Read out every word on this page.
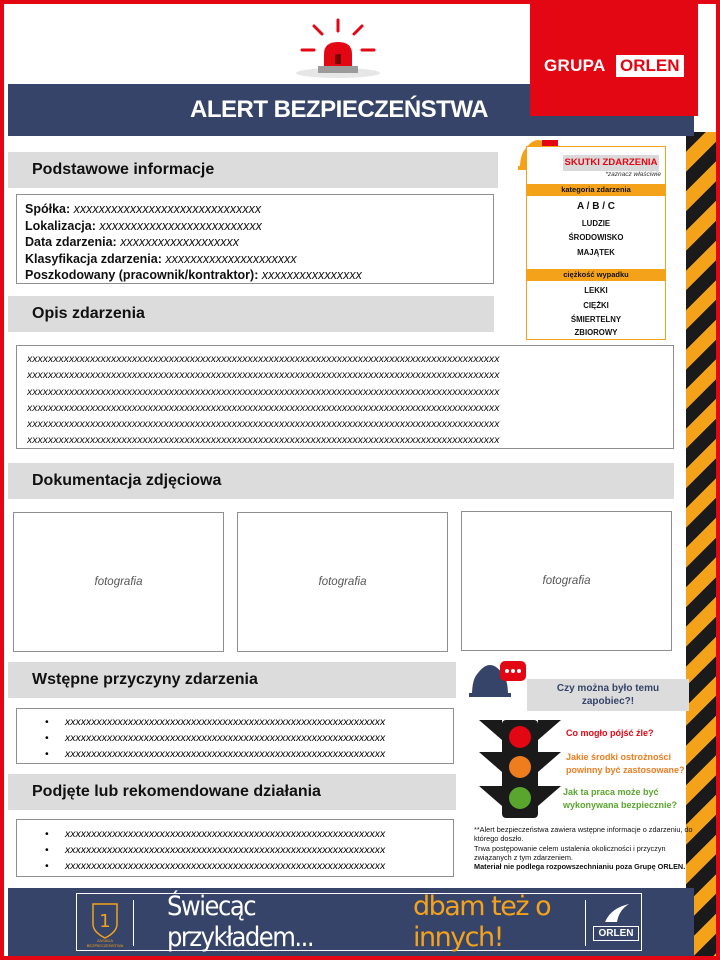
ALERT BEZPIECZEŃSTWA
GRUPA ORLEN
Podstawowe informacje
Spółka: xxxxxxxxxxxxxxxxxxxxxxxxxxxxxx
Lokalizacja: xxxxxxxxxxxxxxxxxxxxxxxxxx
Data zdarzenia: xxxxxxxxxxxxxxxxxxx
Klasyfikacja zdarzenia: xxxxxxxxxxxxxxxxxxxxx
Poszkodowany (pracownik/kontraktor): xxxxxxxxxxxxxxxx
SKUTKI ZDARZENIA
*zaznacz właściwie
kategoria zdarzenia
A / B / C
LUDZIE
ŚRODOWISKO
MAJĄTEK
ciężkość wypadku
LEKKI
CIĘŻKI
ŚMIERTELNY
ZBIOROWY
Opis zdarzenia
xxxxxxxxxxxxxxxxxxxxxxxxxxxxxxxxxxxxxxxxxxxxxxxxxxxxxxxxxxxxxxxxxxxxxxxxxxxxxxxxxxxxxxxxxx
xxxxxxxxxxxxxxxxxxxxxxxxxxxxxxxxxxxxxxxxxxxxxxxxxxxxxxxxxxxxxxxxxxxxxxxxxxxxxxxxxxxxxxxxxx
xxxxxxxxxxxxxxxxxxxxxxxxxxxxxxxxxxxxxxxxxxxxxxxxxxxxxxxxxxxxxxxxxxxxxxxxxxxxxxxxxxxxxxxxxx
xxxxxxxxxxxxxxxxxxxxxxxxxxxxxxxxxxxxxxxxxxxxxxxxxxxxxxxxxxxxxxxxxxxxxxxxxxxxxxxxxxxxxxxxxx
xxxxxxxxxxxxxxxxxxxxxxxxxxxxxxxxxxxxxxxxxxxxxxxxxxxxxxxxxxxxxxxxxxxxxxxxxxxxxxxxxxxxxxxxxx
xxxxxxxxxxxxxxxxxxxxxxxxxxxxxxxxxxxxxxxxxxxxxxxxxxxxxxxxxxxxxxxxxxxxxxxxxxxxxxxxxxxxxxxxxx
Dokumentacja zdjęciowa
fotografia	fotografia	fotografia
Wstępne przyczyny zdarzenia
• xxxxxxxxxxxxxxxxxxxxxxxxxxxxxxxxxxxxxxxxxxxxxxxxxxxxxxxxxxxxx
• xxxxxxxxxxxxxxxxxxxxxxxxxxxxxxxxxxxxxxxxxxxxxxxxxxxxxxxxxxxxx
• xxxxxxxxxxxxxxxxxxxxxxxxxxxxxxxxxxxxxxxxxxxxxxxxxxxxxxxxxxxxx
Podjęte lub rekomendowane działania
• xxxxxxxxxxxxxxxxxxxxxxxxxxxxxxxxxxxxxxxxxxxxxxxxxxxxxxxxxxxxx
• xxxxxxxxxxxxxxxxxxxxxxxxxxxxxxxxxxxxxxxxxxxxxxxxxxxxxxxxxxxxx
• xxxxxxxxxxxxxxxxxxxxxxxxxxxxxxxxxxxxxxxxxxxxxxxxxxxxxxxxxxxxx
Czy można było temu zapobiec?!
Co mogło pójść źle?
Jakie środki ostrożności powinny być zastosowane?
Jak ta praca może być wykonywana bezpiecznie?
**Alert bezpieczeństwa zawiera wstępne informacje o zdarzeniu, do którego doszło.
Trwa postępowanie celem ustalenia okoliczności i przyczyn związanych z tym zdarzeniem.
Materiał nie podlega rozpowszechnianiu poza Grupę ORLEN.
1
ZASADA BEZPIECZEŃSTWA
Świecąc przykładem...
dbam też o innych!	ORLEN
